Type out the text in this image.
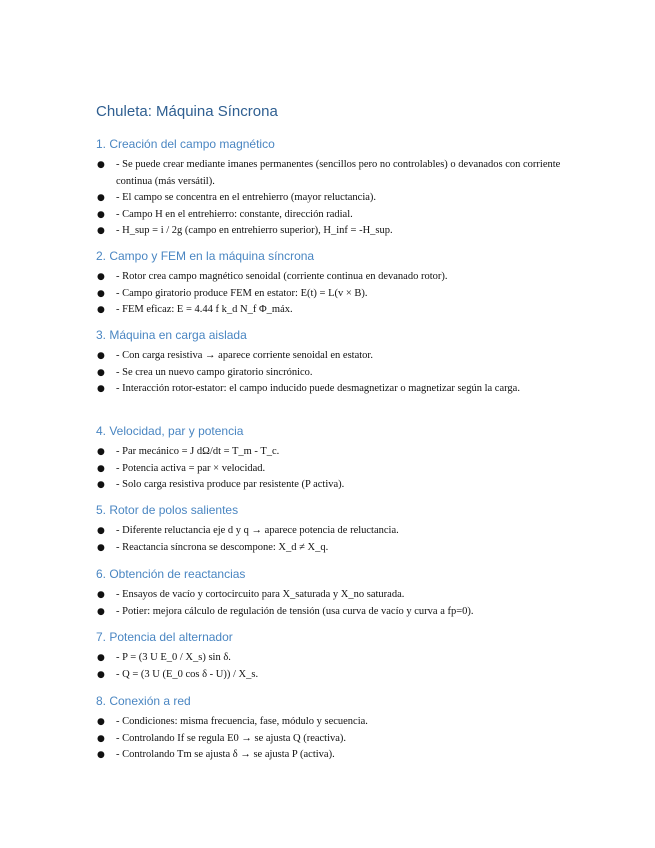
Chuleta: Máquina Síncrona
1. Creación del campo magnético
● - Se puede crear mediante imanes permanentes (sencillos pero no controlables) o devanados con corriente continua (más versátil).
● - El campo se concentra en el entrehierro (mayor reluctancia).
● - Campo H en el entrehierro: constante, dirección radial.
● - H_sup = i / 2g (campo en entrehierro superior), H_inf = -H_sup.
2. Campo y FEM en la máquina síncrona
● - Rotor crea campo magnético senoidal (corriente continua en devanado rotor).
● - Campo giratorio produce FEM en estator: E(t) = L(v × B).
● - FEM eficaz: E = 4.44 f k_d N_f Φ_máx.
3. Máquina en carga aislada
● - Con carga resistiva → aparece corriente senoidal en estator.
● - Se crea un nuevo campo giratorio sincrónico.
● - Interacción rotor-estator: el campo inducido puede desmagnetizar o magnetizar según la carga.
4. Velocidad, par y potencia
● - Par mecánico = J dΩ/dt = T_m - T_c.
● - Potencia activa = par × velocidad.
● - Solo carga resistiva produce par resistente (P activa).
5. Rotor de polos salientes
● - Diferente reluctancia eje d y q → aparece potencia de reluctancia.
● - Reactancia síncrona se descompone: X_d ≠ X_q.
6. Obtención de reactancias
● - Ensayos de vacío y cortocircuito para X_saturada y X_no saturada.
● - Potier: mejora cálculo de regulación de tensión (usa curva de vacío y curva a fp=0).
7. Potencia del alternador
● - P = (3 U E_0 / X_s) sin δ.
● - Q = (3 U (E_0 cos δ - U)) / X_s.
8. Conexión a red
● - Condiciones: misma frecuencia, fase, módulo y secuencia.
● - Controlando If se regula E0 → se ajusta Q (reactiva).
● - Controlando Tm se ajusta δ → se ajusta P (activa).
